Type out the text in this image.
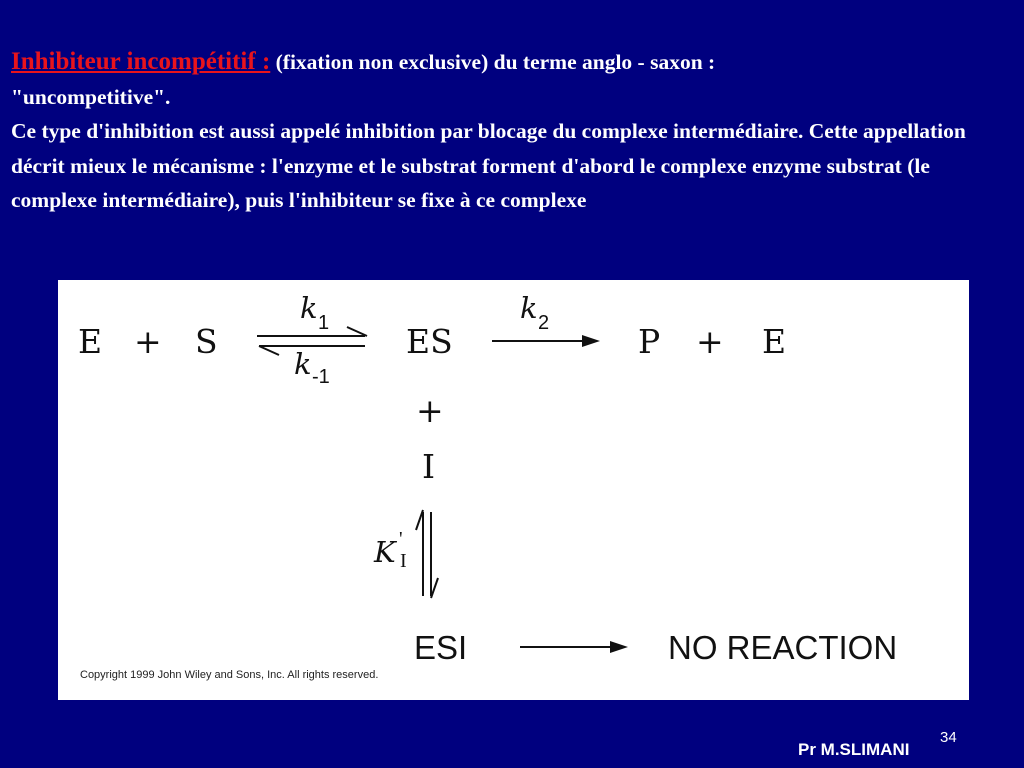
Inhibiteur incompétitif : (fixation non exclusive) du terme anglo - saxon :

"uncompetitive".

Ce type d'inhibition est aussi appelé inhibition par blocage du complexe intermédiaire. Cette appellation décrit mieux le mécanisme : l'enzyme et le substrat forment d'abord le complexe enzyme substrat (le complexe intermédiaire), puis l'inhibiteur se fixe à ce complexe

E + S
k 1
k -1
ES
k 2	P + E
+
I
K '
I
ESI	NO REACTION
Copyright 1999 John Wiley and Sons, Inc. All rights reserved.
34
Pr M.SLIMANI
